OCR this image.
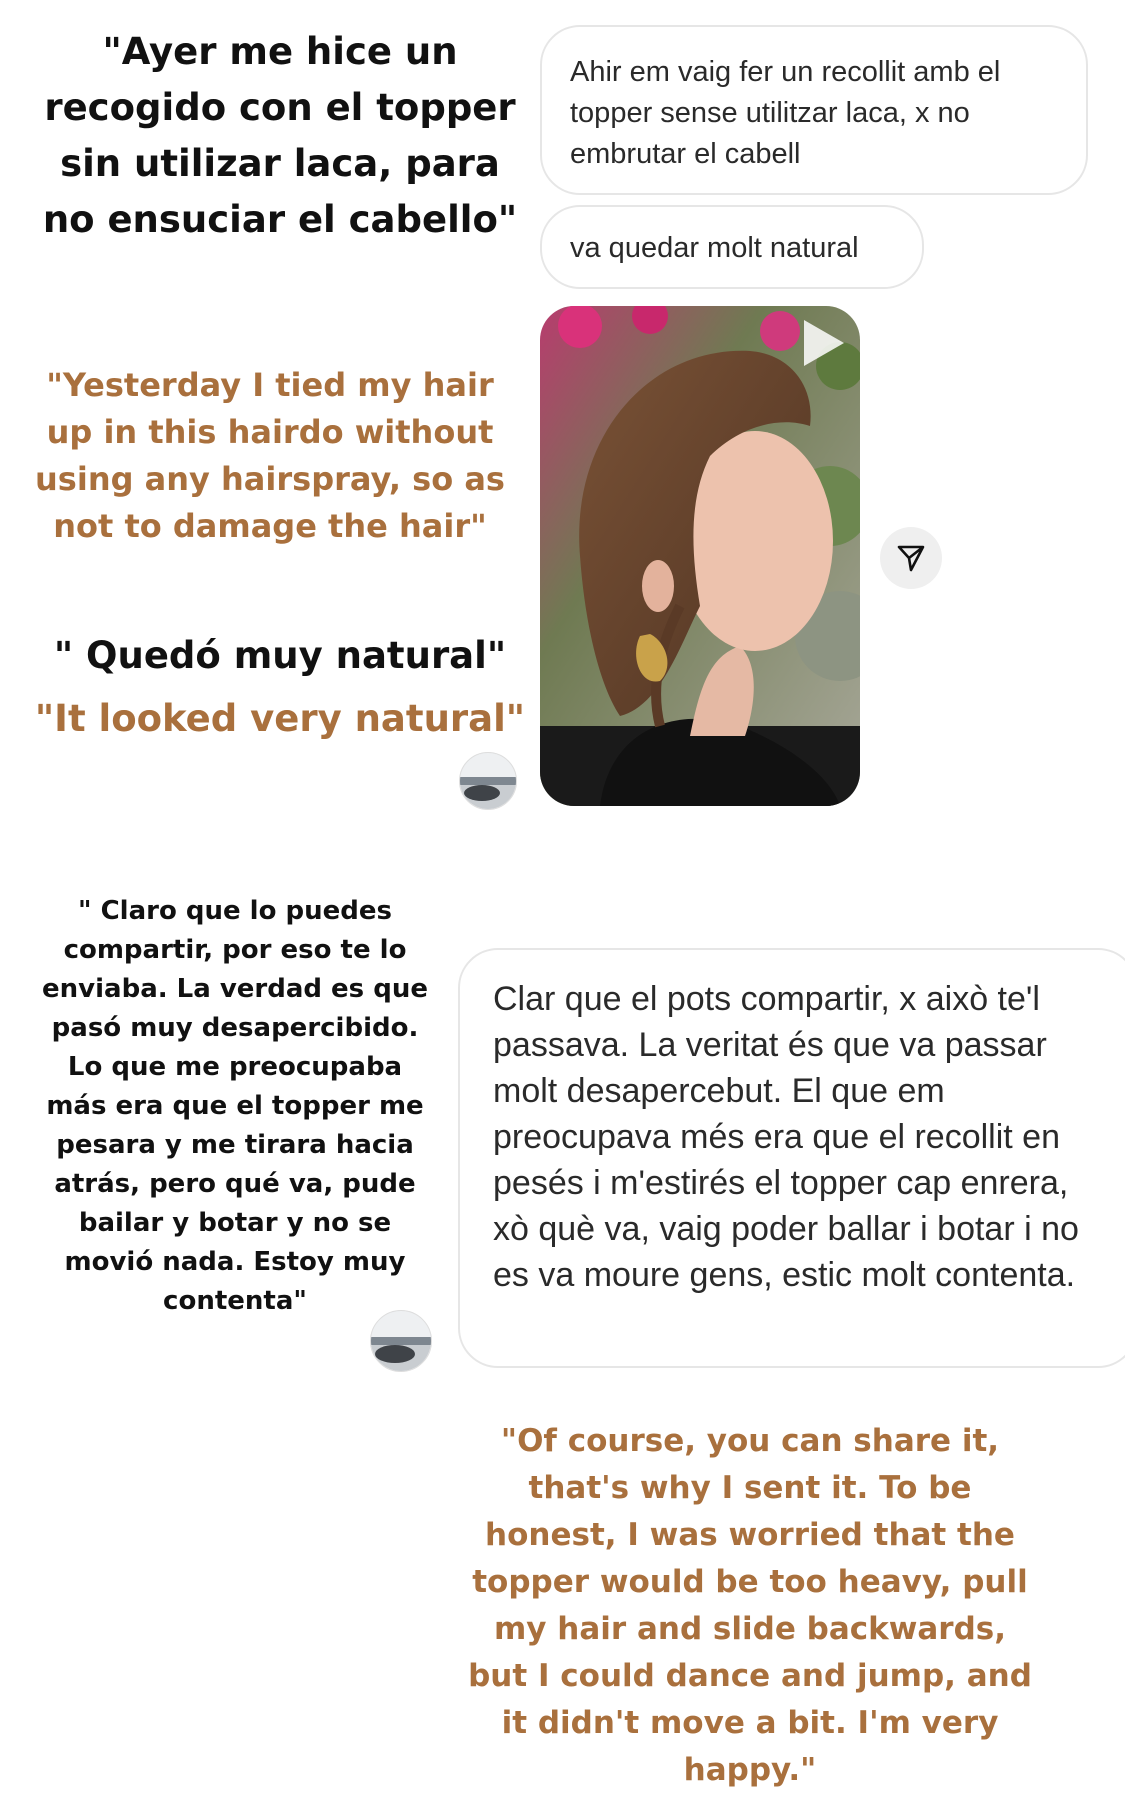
"Ayer me hice un recogido con el topper sin utilizar laca, para no ensuciar el cabello"

"Yesterday I tied my hair up in this hairdo without using any hairspray, so as not to damage the hair"

" Quedó muy natural"

"It looked very natural"

" Claro que lo puedes compartir, por eso te lo enviaba. La verdad es que pasó muy desapercibido. Lo que me preocupaba más era que el topper me pesara y me tirara hacia atrás, pero qué va, pude bailar y botar y no se movió nada. Estoy muy contenta"

Ahir em vaig fer un recollit amb el topper sense utilitzar laca, x no embrutar el cabell
va quedar molt natural
Clar que el pots compartir, x això te'l passava. La veritat és que va passar molt desapercebut. El que em preocupava més era que el recollit en pesés i m'estirés el topper cap enrera, xò què va, vaig poder ballar i botar i no es va moure gens, estic molt contenta.

"Of course, you can share it, that's why I sent it. To be honest, I was worried that the topper would be too heavy, pull my hair and slide backwards, but I could dance and jump, and it didn't move a bit. I'm very happy."
